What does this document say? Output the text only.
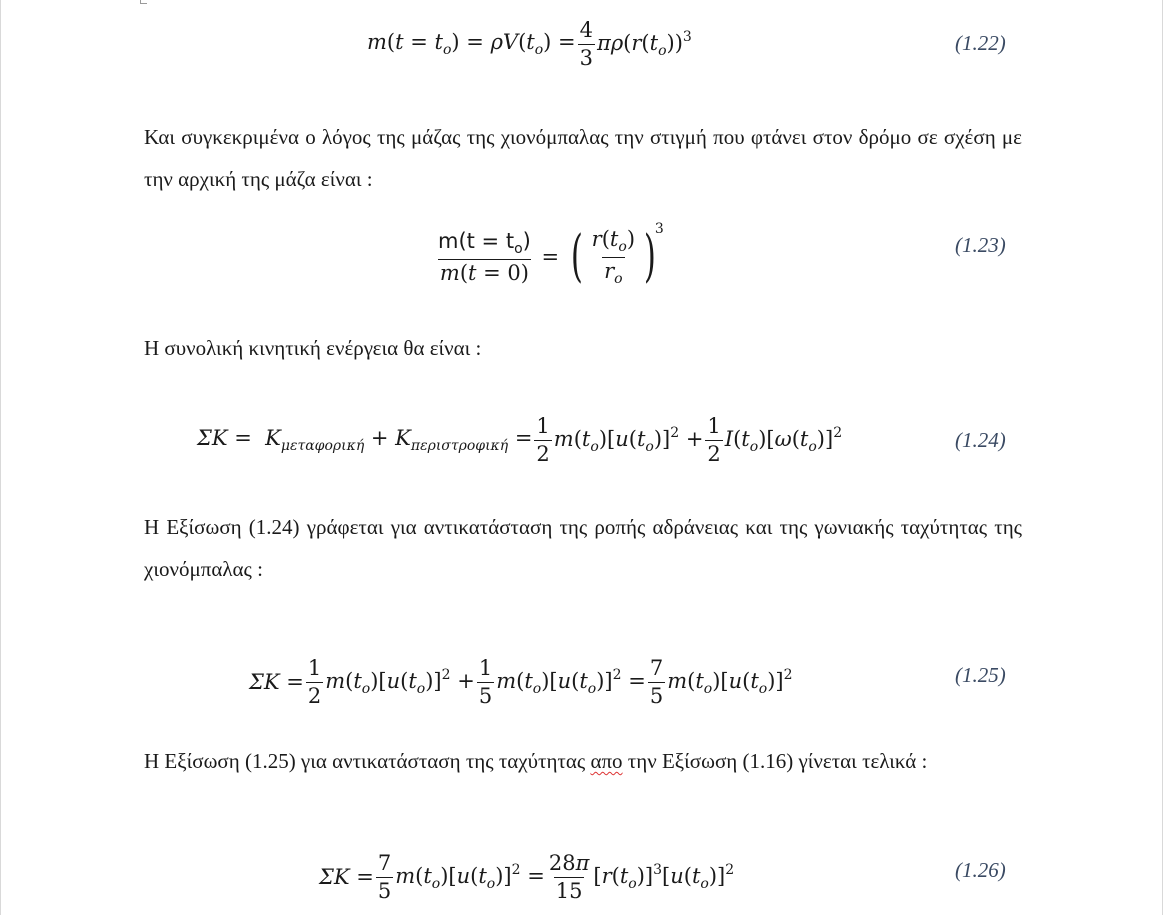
$m(t = t_o) = \rho V(t_o) = \frac{4}{3} \pi\rho(r(t_o))^3$	(1.22)
Και συγκεκριμένα ο λόγος της μάζας της χιονόμπαλας την στιγμή που φτάνει στον δρόμο σε σχέση με την αρχική της μάζα είναι :
$\frac{m(t = t_o)}{m(t = 0)}$ = ( $\frac{r(t_o)}{r_o}$ )
3
(1.23)
Η συνολική κινητική ενέργεια θα είναι :
$\Sigma K = K_{\mu\varepsilon\tau\alpha\varphi o\rho\iota\kappa ή} + K_{\pi\varepsilon\rho\iota\sigma\tau\rho o\varphi\iota\kappa ή} = \frac{1}{2} m(t_o)[u(t_o)]^2 + \frac{1}{2} I(t_o)[\omega(t_o)]^2$	(1.24)
Η Εξίσωση (1.24) γράφεται για αντικατάσταση της ροπής αδράνειας και της γωνιακής ταχύτητας της χιονόμπαλας :
$\Sigma K = \frac{1}{2} m(t_o)[u(t_o)]^2 + \frac{1}{5} m(t_o)[u(t_o)]^2 = \frac{7}{5} m(t_o)[u(t_o)]^2$	(1.25)
Η Εξίσωση (1.25) για αντικατάσταση της ταχύτητας απο την Εξίσωση (1.16) γίνεται τελικά :
$\Sigma K = \frac{7}{5} m(t_o)[u(t_o)]^2 = \frac{28\pi}{15} [r(t_o)]^3[u(t_o)]^2$	(1.26)
